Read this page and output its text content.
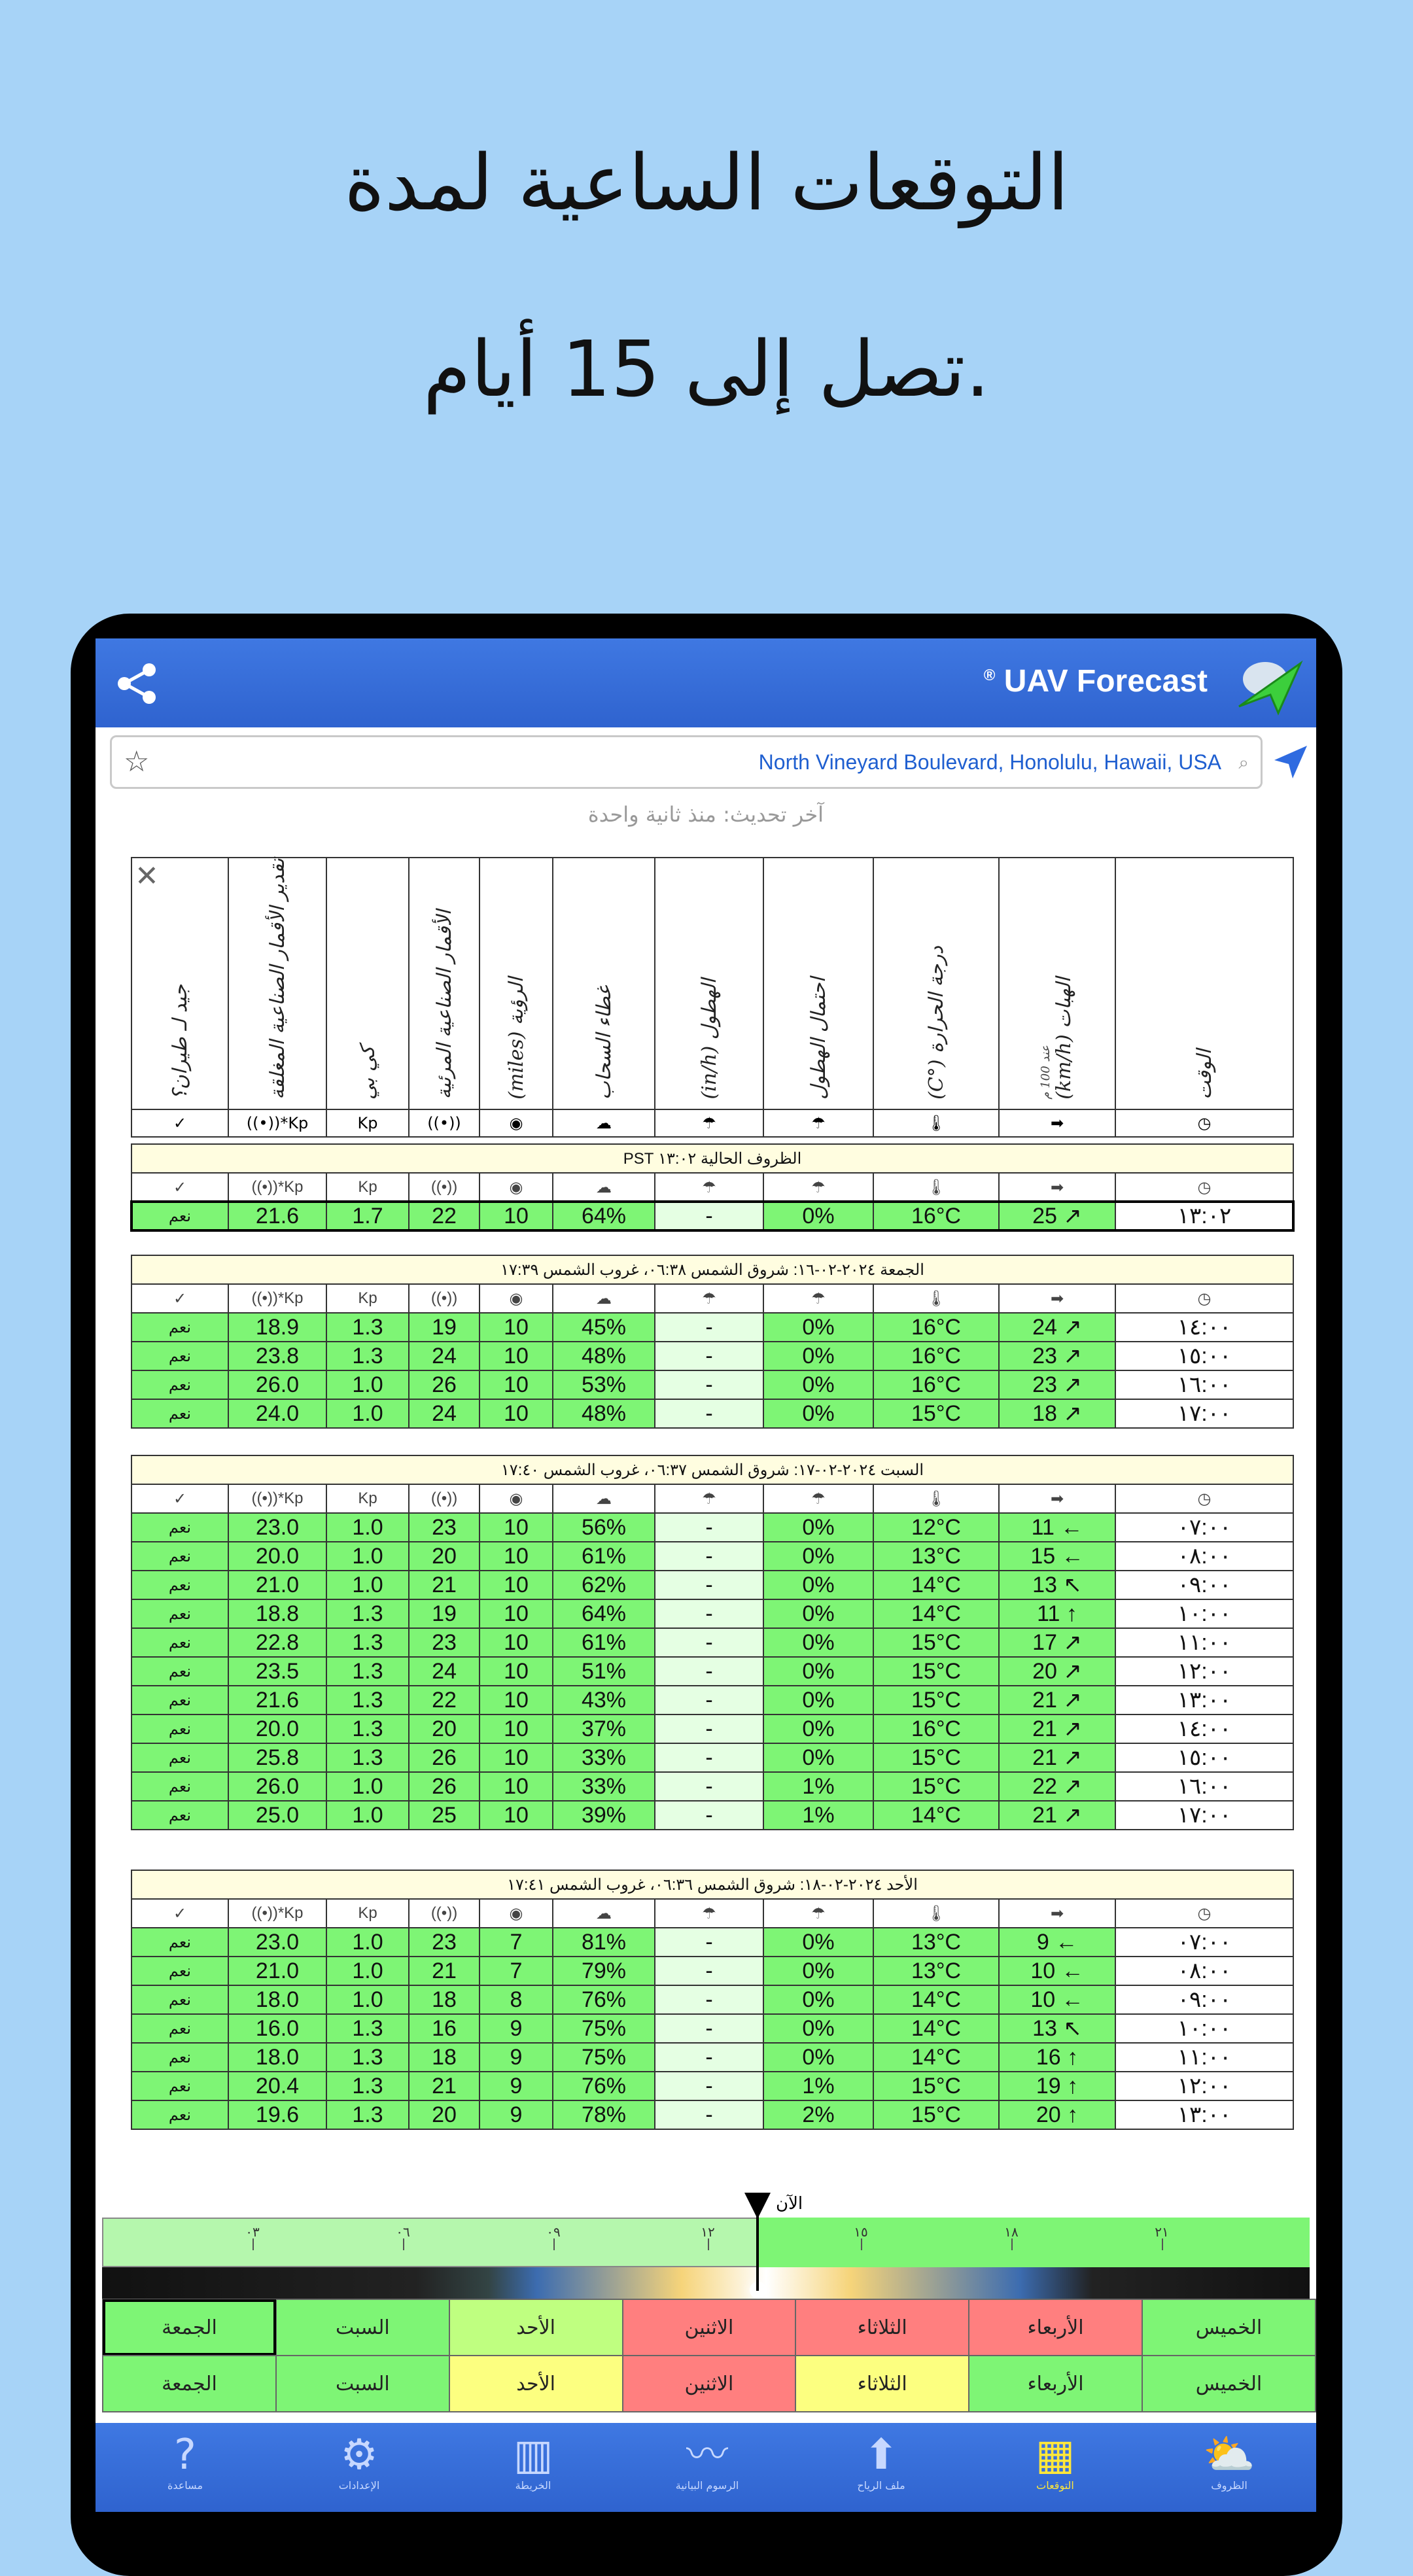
التوقعات الساعية لمدة
تصل إلى 15 أيام.
® UAV Forecast
☆	North Vineyard Boulevard, Honolulu, Hawaii, USA ⌕
آخر تحديث: منذ ثانية واحدة
✕
الوقت	الهبات (km/h)عند 100 م	درجة الحرارة (°C)	احتمال الهطول	الهطول (in/h)	غطاء السحاب	الرؤية (miles)	الأقمار الصناعية المرئية	كي بي	تقدير الأقمار الصناعية المغلقة	جيد لـ طيران؟
◷	➡	🌡	☂	☂	☁	◉	((•))	Kp	Kp*((•))	✓
الظروف الحالية ١٣:٠٢ PST										
◷	➡	🌡	☂	☂	☁	◉	((•))	Kp	Kp*((•))	✓
١٣:٠٢	↗ 25	16°C	0%	-	64%	10	22	1.7	21.6	نعم
الجمعة ٢٠٢٤-٠٢-١٦: شروق الشمس ٠٦:٣٨، غروب الشمس ١٧:٣٩										
◷	➡	🌡	☂	☂	☁	◉	((•))	Kp	Kp*((•))	✓
١٤:٠٠	↗ 24	16°C	0%	-	45%	10	19	1.3	18.9	نعم
١٥:٠٠	↗ 23	16°C	0%	-	48%	10	24	1.3	23.8	نعم
١٦:٠٠	↗ 23	16°C	0%	-	53%	10	26	1.0	26.0	نعم
١٧:٠٠	↗ 18	15°C	0%	-	48%	10	24	1.0	24.0	نعم
السبت ٢٠٢٤-٠٢-١٧: شروق الشمس ٠٦:٣٧، غروب الشمس ١٧:٤٠										
◷	➡	🌡	☂	☂	☁	◉	((•))	Kp	Kp*((•))	✓
٠٧:٠٠	← 11	12°C	0%	-	56%	10	23	1.0	23.0	نعم
٠٨:٠٠	← 15	13°C	0%	-	61%	10	20	1.0	20.0	نعم
٠٩:٠٠	↖ 13	14°C	0%	-	62%	10	21	1.0	21.0	نعم
١٠:٠٠	↑ 11	14°C	0%	-	64%	10	19	1.3	18.8	نعم
١١:٠٠	↗ 17	15°C	0%	-	61%	10	23	1.3	22.8	نعم
١٢:٠٠	↗ 20	15°C	0%	-	51%	10	24	1.3	23.5	نعم
١٣:٠٠	↗ 21	15°C	0%	-	43%	10	22	1.3	21.6	نعم
١٤:٠٠	↗ 21	16°C	0%	-	37%	10	20	1.3	20.0	نعم
١٥:٠٠	↗ 21	15°C	0%	-	33%	10	26	1.3	25.8	نعم
١٦:٠٠	↗ 22	15°C	1%	-	33%	10	26	1.0	26.0	نعم
١٧:٠٠	↗ 21	14°C	1%	-	39%	10	25	1.0	25.0	نعم
الأحد ٢٠٢٤-٠٢-١٨: شروق الشمس ٠٦:٣٦، غروب الشمس ١٧:٤١										
◷	➡	🌡	☂	☂	☁	◉	((•))	Kp	Kp*((•))	✓
٠٧:٠٠	← 9	13°C	0%	-	81%	7	23	1.0	23.0	نعم
٠٨:٠٠	← 10	13°C	0%	-	79%	7	21	1.0	21.0	نعم
٠٩:٠٠	← 10	14°C	0%	-	76%	8	18	1.0	18.0	نعم
١٠:٠٠	↖ 13	14°C	0%	-	75%	9	16	1.3	16.0	نعم
١١:٠٠	↑ 16	14°C	0%	-	75%	9	18	1.3	18.0	نعم
١٢:٠٠	↑ 19	15°C	1%	-	76%	9	21	1.3	20.4	نعم
١٣:٠٠	↑ 20	15°C	2%	-	78%	9	20	1.3	19.6	نعم
٠٣	٠٦	٠٩	١٢	١٥	١٨	٢١
الآن
الخميس	الأربعاء	الثلاثاء	الاثنين	الأحد	السبت	الجمعة
الخميس	الأربعاء	الثلاثاء	الاثنين	الأحد	السبت	الجمعة
⛅
الظروف
▦
التوقعات
⬆
ملف الرياح
〰
الرسوم البيانية
▥
الخريطة
⚙
الإعدادات
?
مساعدة
